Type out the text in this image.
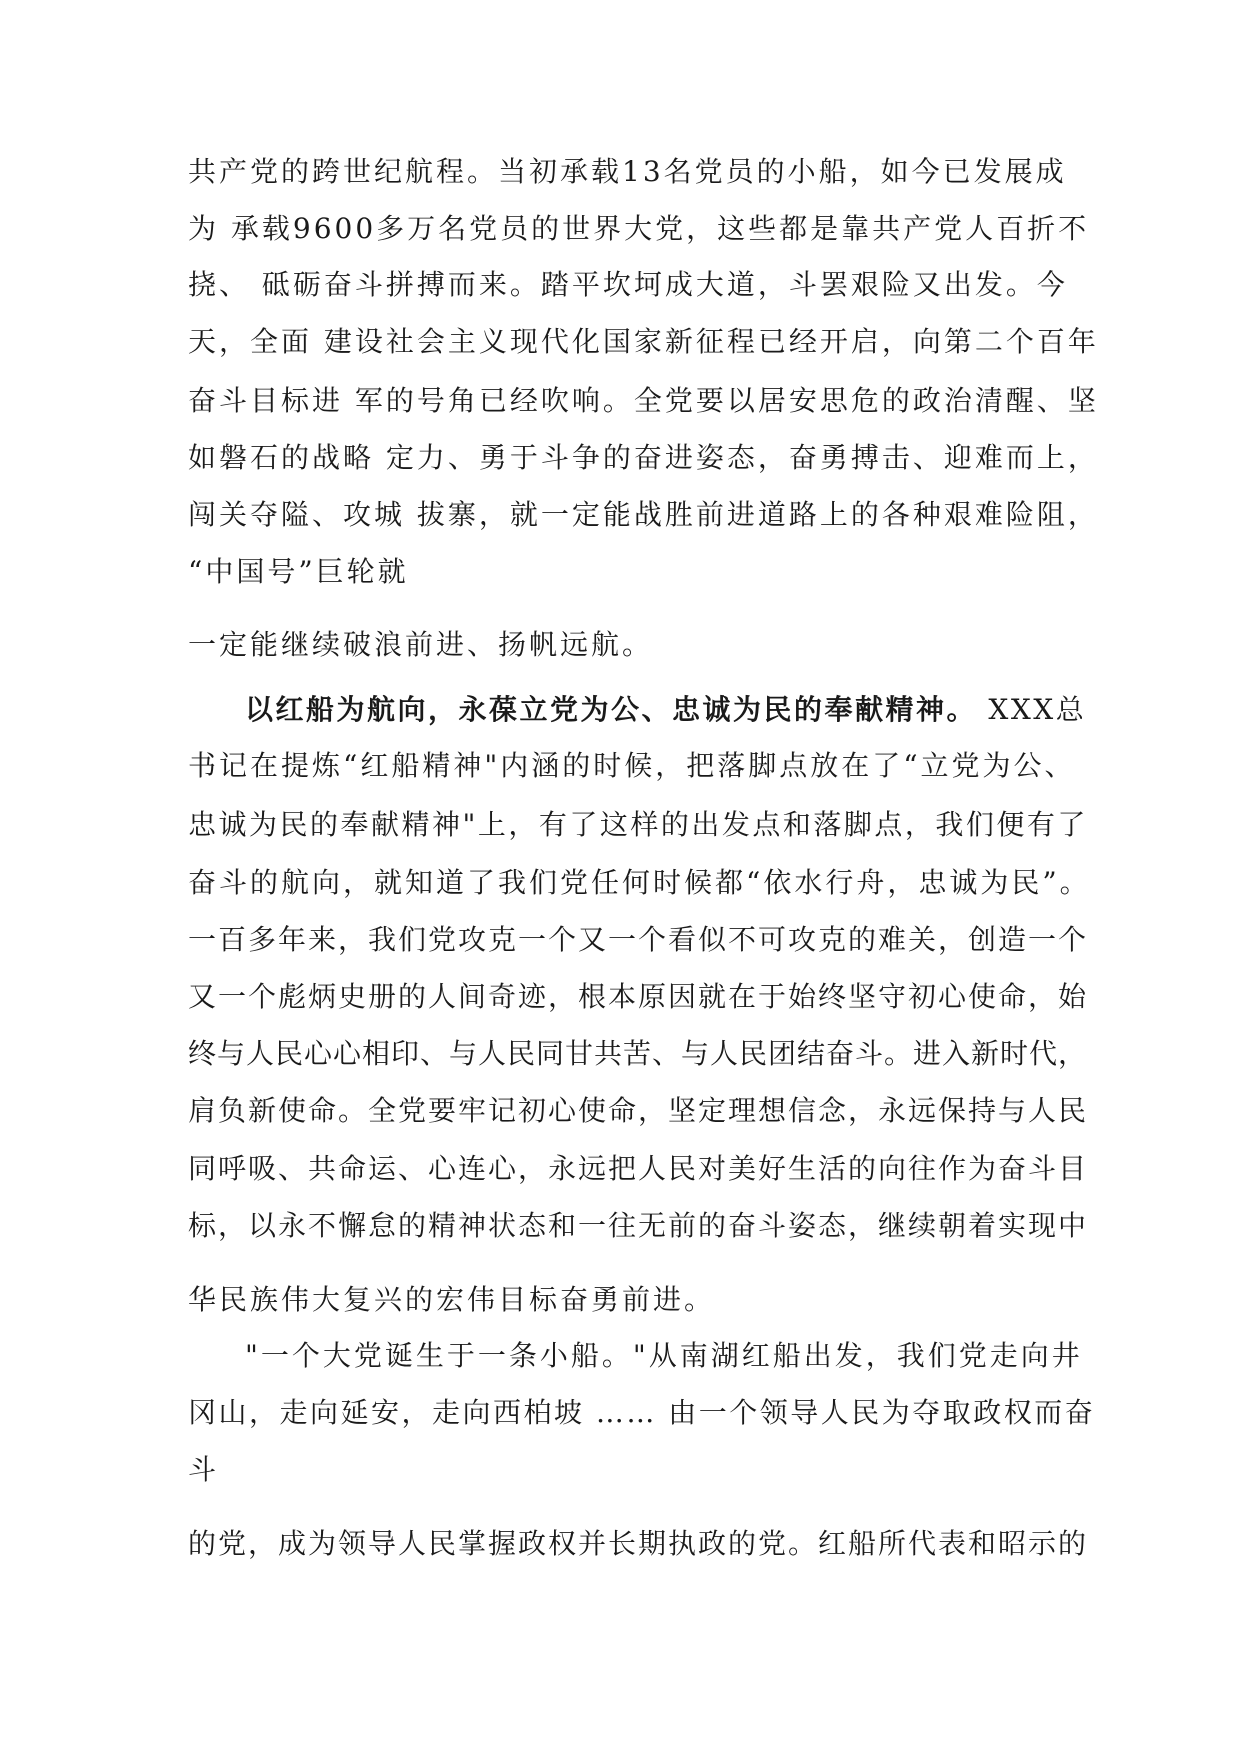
共产党的跨世纪航程。当初承载13名党员的小船，如今已发展成

为 承载9600多万名党员的世界大党，这些都是靠共产党人百折不

挠、 砥砺奋斗拼搏而来。踏平坎坷成大道，斗罢艰险又出发。今

天，全面 建设社会主义现代化国家新征程已经开启，向第二个百年

奋斗目标进 军的号角已经吹响。全党要以居安思危的政治清醒、坚

如磐石的战略 定力、勇于斗争的奋进姿态，奋勇搏击、迎难而上，

闯关夺隘、攻城 拔寨，就一定能战胜前进道路上的各种艰难险阻，

“中国号”巨轮就

一定能继续破浪前进、扬帆远航。

以红船为航向，永葆立党为公、忠诚为民的奉献精神。 XXX总

书记在提炼“红船精神"内涵的时候，把落脚点放在了“立党为公、

忠诚为民的奉献精神"上，有了这样的出发点和落脚点，我们便有了

奋斗的航向，就知道了我们党任何时候都“依水行舟，忠诚为民”。

一百多年来，我们党攻克一个又一个看似不可攻克的难关，创造一个

又一个彪炳史册的人间奇迹，根本原因就在于始终坚守初心使命，始

终与人民心心相印、与人民同甘共苦、与人民团结奋斗。进入新时代，

肩负新使命。全党要牢记初心使命，坚定理想信念，永远保持与人民

同呼吸、共命运、心连心，永远把人民对美好生活的向往作为奋斗目

标，以永不懈怠的精神状态和一往无前的奋斗姿态，继续朝着实现中

华民族伟大复兴的宏伟目标奋勇前进。

"一个大党诞生于一条小船。"从南湖红船出发，我们党走向井

冈山，走向延安，走向西柏坡 …… 由一个领导人民为夺取政权而奋

斗

的党，成为领导人民掌握政权并长期执政的党。红船所代表和昭示的
